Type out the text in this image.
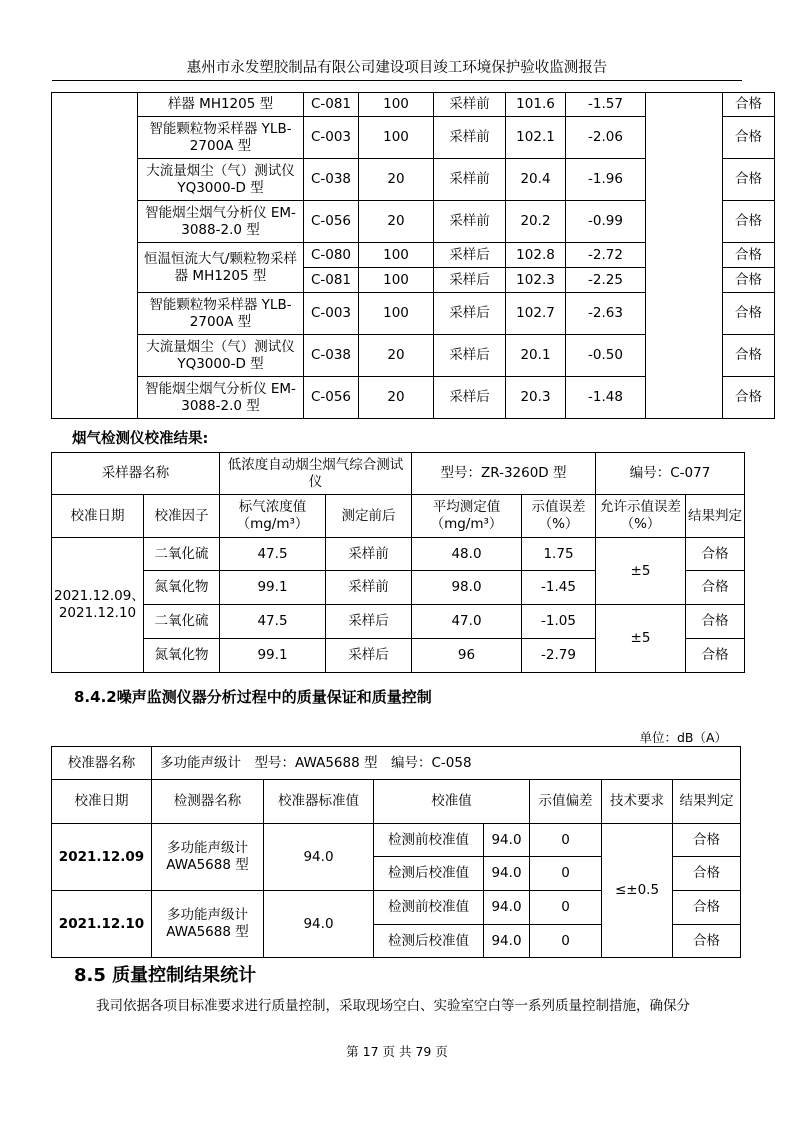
惠州市永发塑胶制品有限公司建设项目竣工环境保护验收监测报告
	样器 MH1205 型	C-081	100	采样前	101.6	-1.57		合格
	智能颗粒物采样器 YLB-2700A 型	C-003	100	采样前	102.1	-2.06		合格
	大流量烟尘（气）测试仪 YQ3000-D 型	C-038	20	采样前	20.4	-1.96		合格
	智能烟尘烟气分析仪 EM-3088-2.0 型	C-056	20	采样前	20.2	-0.99		合格
	恒温恒流大气/颗粒物采样器 MH1205 型	C-080	100	采样后	102.8	-2.72		合格
		C-081	100	采样后	102.3	-2.25		合格
	智能颗粒物采样器 YLB-2700A 型	C-003	100	采样后	102.7	-2.63		合格
	大流量烟尘（气）测试仪 YQ3000-D 型	C-038	20	采样后	20.1	-0.50		合格
	智能烟尘烟气分析仪 EM-3088-2.0 型	C-056	20	采样后	20.3	-1.48		合格
烟气检测仪校准结果:
采样器名称		低浓度自动烟尘烟气综合测试仪		型号：ZR-3260D 型		编号：C-077	
校准日期	校准因子	标气浓度值（mg/m³）	测定前后	平均测定值（mg/m³）	示值误差（%）	允许示值误差（%）	结果判定
2021.12.09、2021.12.10	二氧化硫	47.5	采样前	48.0	1.75	±5	合格
	氮氧化物	99.1	采样前	98.0	-1.45		合格
	二氧化硫	47.5	采样后	47.0	-1.05	±5	合格
	氮氧化物	99.1	采样后	96	-2.79		合格
8.4.2噪声监测仪器分析过程中的质量保证和质量控制
单位：dB（A）
校准器名称	多功能声级计　型号：AWA5688 型　编号：C-058						
校准日期	检测器名称	校准器标准值	校准值		示值偏差	技术要求	结果判定
2021.12.09	多功能声级计 AWA5688 型	94.0	检测前校准值	94.0	0	≤±0.5	合格
			检测后校准值	94.0	0		合格
2021.12.10	多功能声级计 AWA5688 型	94.0	检测前校准值	94.0	0		合格
			检测后校准值	94.0	0		合格
8.5 质量控制结果统计
我司依据各项目标准要求进行质量控制，采取现场空白、实验室空白等一系列质量控制措施，确保分
第 17 页 共 79 页
